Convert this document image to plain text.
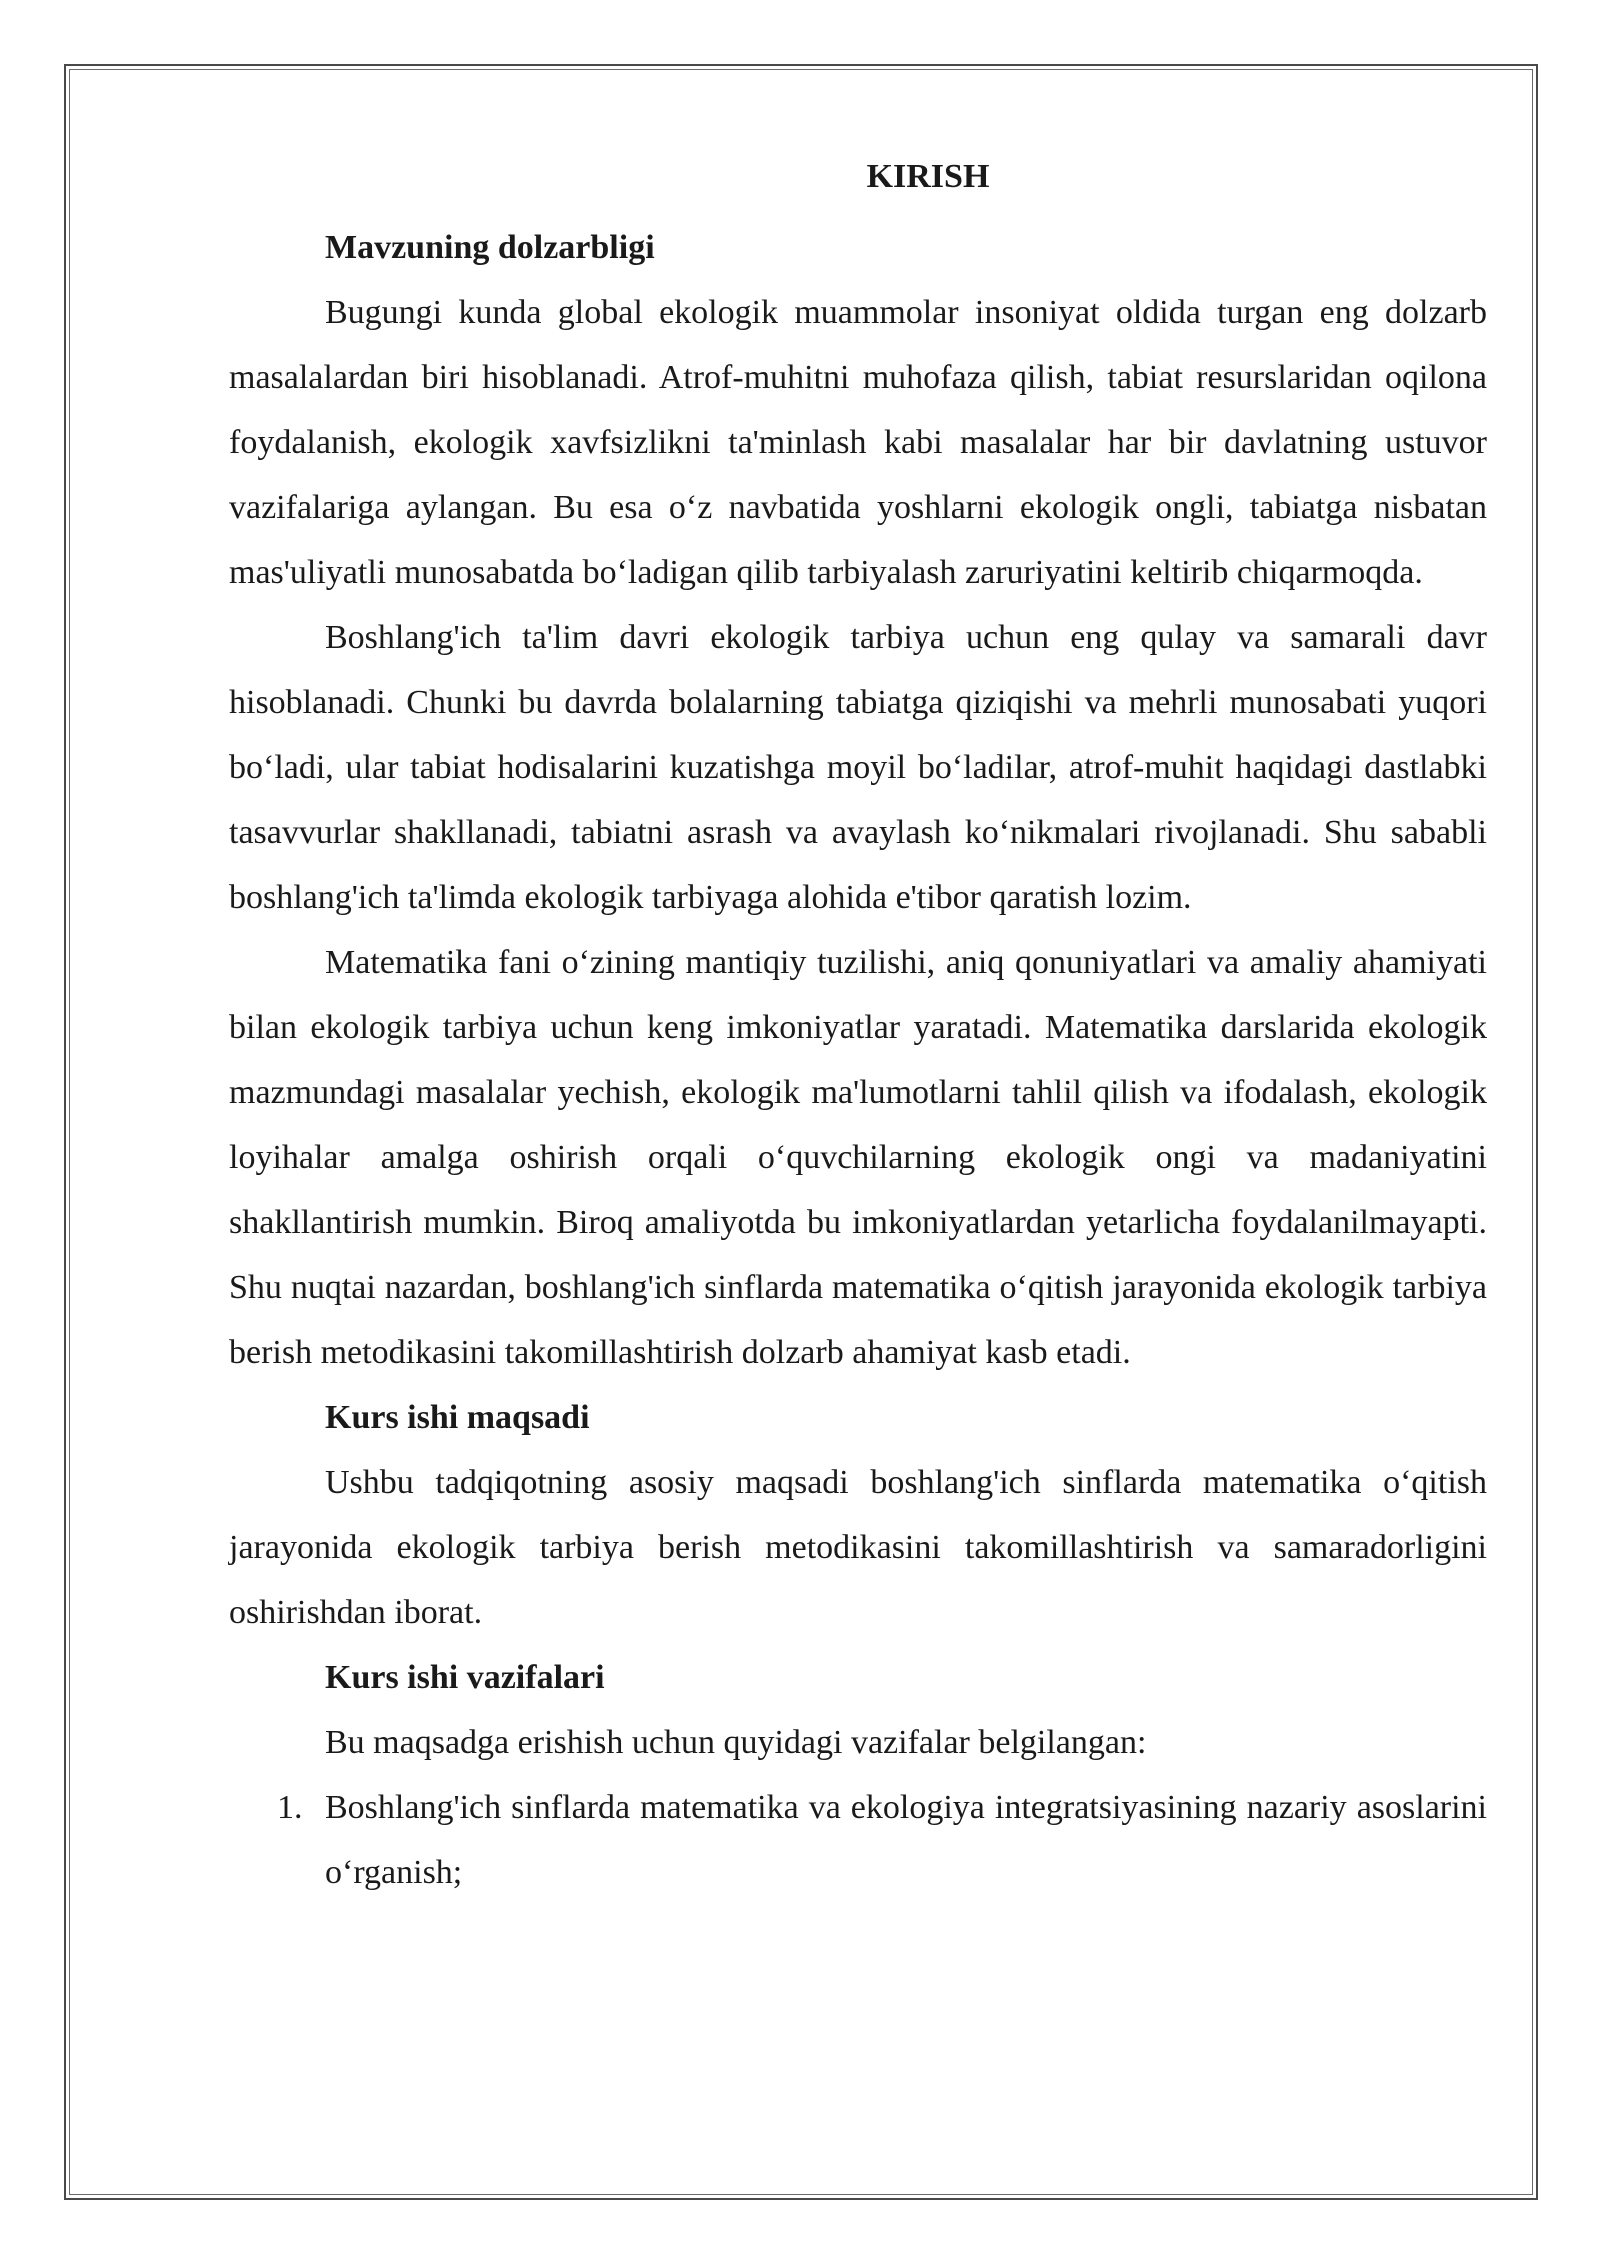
KIRISH
Mavzuning dolzarbligi

Bugungi kunda global ekologik muammolar insoniyat oldida turgan eng dolzarb masalalardan biri hisoblanadi. Atrof-muhitni muhofaza qilish, tabiat resurslaridan oqilona foydalanish, ekologik xavfsizlikni ta'minlash kabi masalalar har bir davlatning ustuvor vazifalariga aylangan. Bu esa o‘z navbatida yoshlarni ekologik ongli, tabiatga nisbatan mas'uliyatli munosabatda bo‘ladigan qilib tarbiyalash zaruriyatini keltirib chiqarmoqda.

Boshlang'ich ta'lim davri ekologik tarbiya uchun eng qulay va samarali davr hisoblanadi. Chunki bu davrda bolalarning tabiatga qiziqishi va mehrli munosabati yuqori bo‘ladi, ular tabiat hodisalarini kuzatishga moyil bo‘ladilar, atrof-muhit haqidagi dastlabki tasavvurlar shakllanadi, tabiatni asrash va avaylash ko‘nikmalari rivojlanadi. Shu sababli boshlang'ich ta'limda ekologik tarbiyaga alohida e'tibor qaratish lozim.

Matematika fani o‘zining mantiqiy tuzilishi, aniq qonuniyatlari va amaliy ahamiyati bilan ekologik tarbiya uchun keng imkoniyatlar yaratadi. Matematika darslarida ekologik mazmundagi masalalar yechish, ekologik ma'lumotlarni tahlil qilish va ifodalash, ekologik loyihalar amalga oshirish orqali o‘quvchilarning ekologik ongi va madaniyatini shakllantirish mumkin. Biroq amaliyotda bu imkoniyatlardan yetarlicha foydalanilmayapti. Shu nuqtai nazardan, boshlang'ich sinflarda matematika o‘qitish jarayonida ekologik tarbiya berish metodikasini takomillashtirish dolzarb ahamiyat kasb etadi.

Kurs ishi maqsadi

Ushbu tadqiqotning asosiy maqsadi boshlang'ich sinflarda matematika o‘qitish jarayonida ekologik tarbiya berish metodikasini takomillashtirish va samaradorligini oshirishdan iborat.

Kurs ishi vazifalari

Bu maqsadga erishish uchun quyidagi vazifalar belgilangan:

1. Boshlang'ich sinflarda matematika va ekologiya integratsiyasining nazariy asoslarini o‘rganish;
